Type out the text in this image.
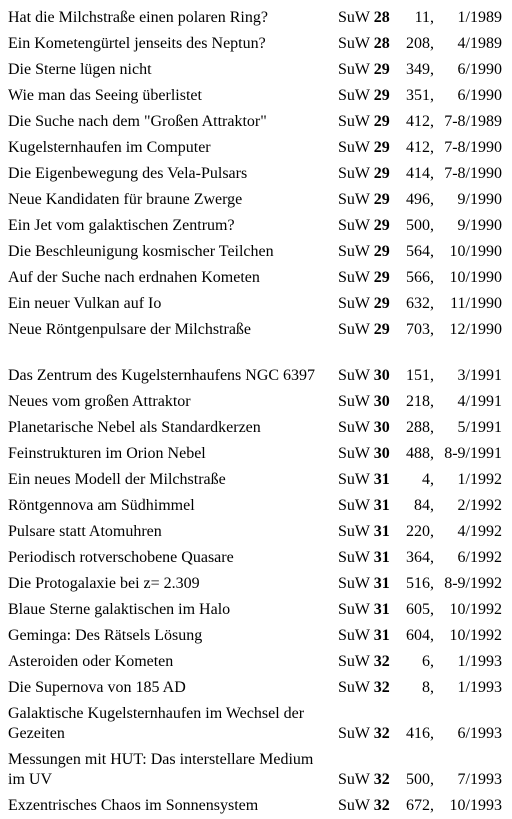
Hat die Milchstraße einen polaren Ring?	SuW 28	11,	1/1989
Ein Kometengürtel jenseits des Neptun?	SuW 28	208,	4/1989
Die Sterne lügen nicht	SuW 29	349,	6/1990
Wie man das Seeing überlistet	SuW 29	351,	6/1990
Die Suche nach dem "Großen Attraktor"	SuW 29	412,	7-8/1989
Kugelsternhaufen im Computer	SuW 29	412,	7-8/1990
Die Eigenbewegung des Vela-Pulsars	SuW 29	414,	7-8/1990
Neue Kandidaten für braune Zwerge	SuW 29	496,	9/1990
Ein Jet vom galaktischen Zentrum?	SuW 29	500,	9/1990
Die Beschleunigung kosmischer Teilchen	SuW 29	564,	10/1990
Auf der Suche nach erdnahen Kometen	SuW 29	566,	10/1990
Ein neuer Vulkan auf Io	SuW 29	632,	11/1990
Neue Röntgenpulsare der Milchstraße	SuW 29	703,	12/1990
Das Zentrum des Kugelsternhaufens NGC 6397	SuW 30	151,	3/1991
Neues vom großen Attraktor	SuW 30	218,	4/1991
Planetarische Nebel als Standardkerzen	SuW 30	288,	5/1991
Feinstrukturen im Orion Nebel	SuW 30	488,	8-9/1991
Ein neues Modell der Milchstraße	SuW 31	4,	1/1992
Röntgennova am Südhimmel	SuW 31	84,	2/1992
Pulsare statt Atomuhren	SuW 31	220,	4/1992
Periodisch rotverschobene Quasare	SuW 31	364,	6/1992
Die Protogalaxie bei z= 2.309	SuW 31	516,	8-9/1992
Blaue Sterne galaktischen im Halo	SuW 31	605,	10/1992
Geminga: Des Rätsels Lösung	SuW 31	604,	10/1992
Asteroiden oder Kometen	SuW 32	6,	1/1993
Die Supernova von 185 AD	SuW 32	8,	1/1993
Galaktische Kugelsternhaufen im Wechsel der Gezeiten	SuW 32	416,	6/1993
Messungen mit HUT: Das interstellare Medium im UV	SuW 32	500,	7/1993
Exzentrisches Chaos im Sonnensystem	SuW 32	672,	10/1993
